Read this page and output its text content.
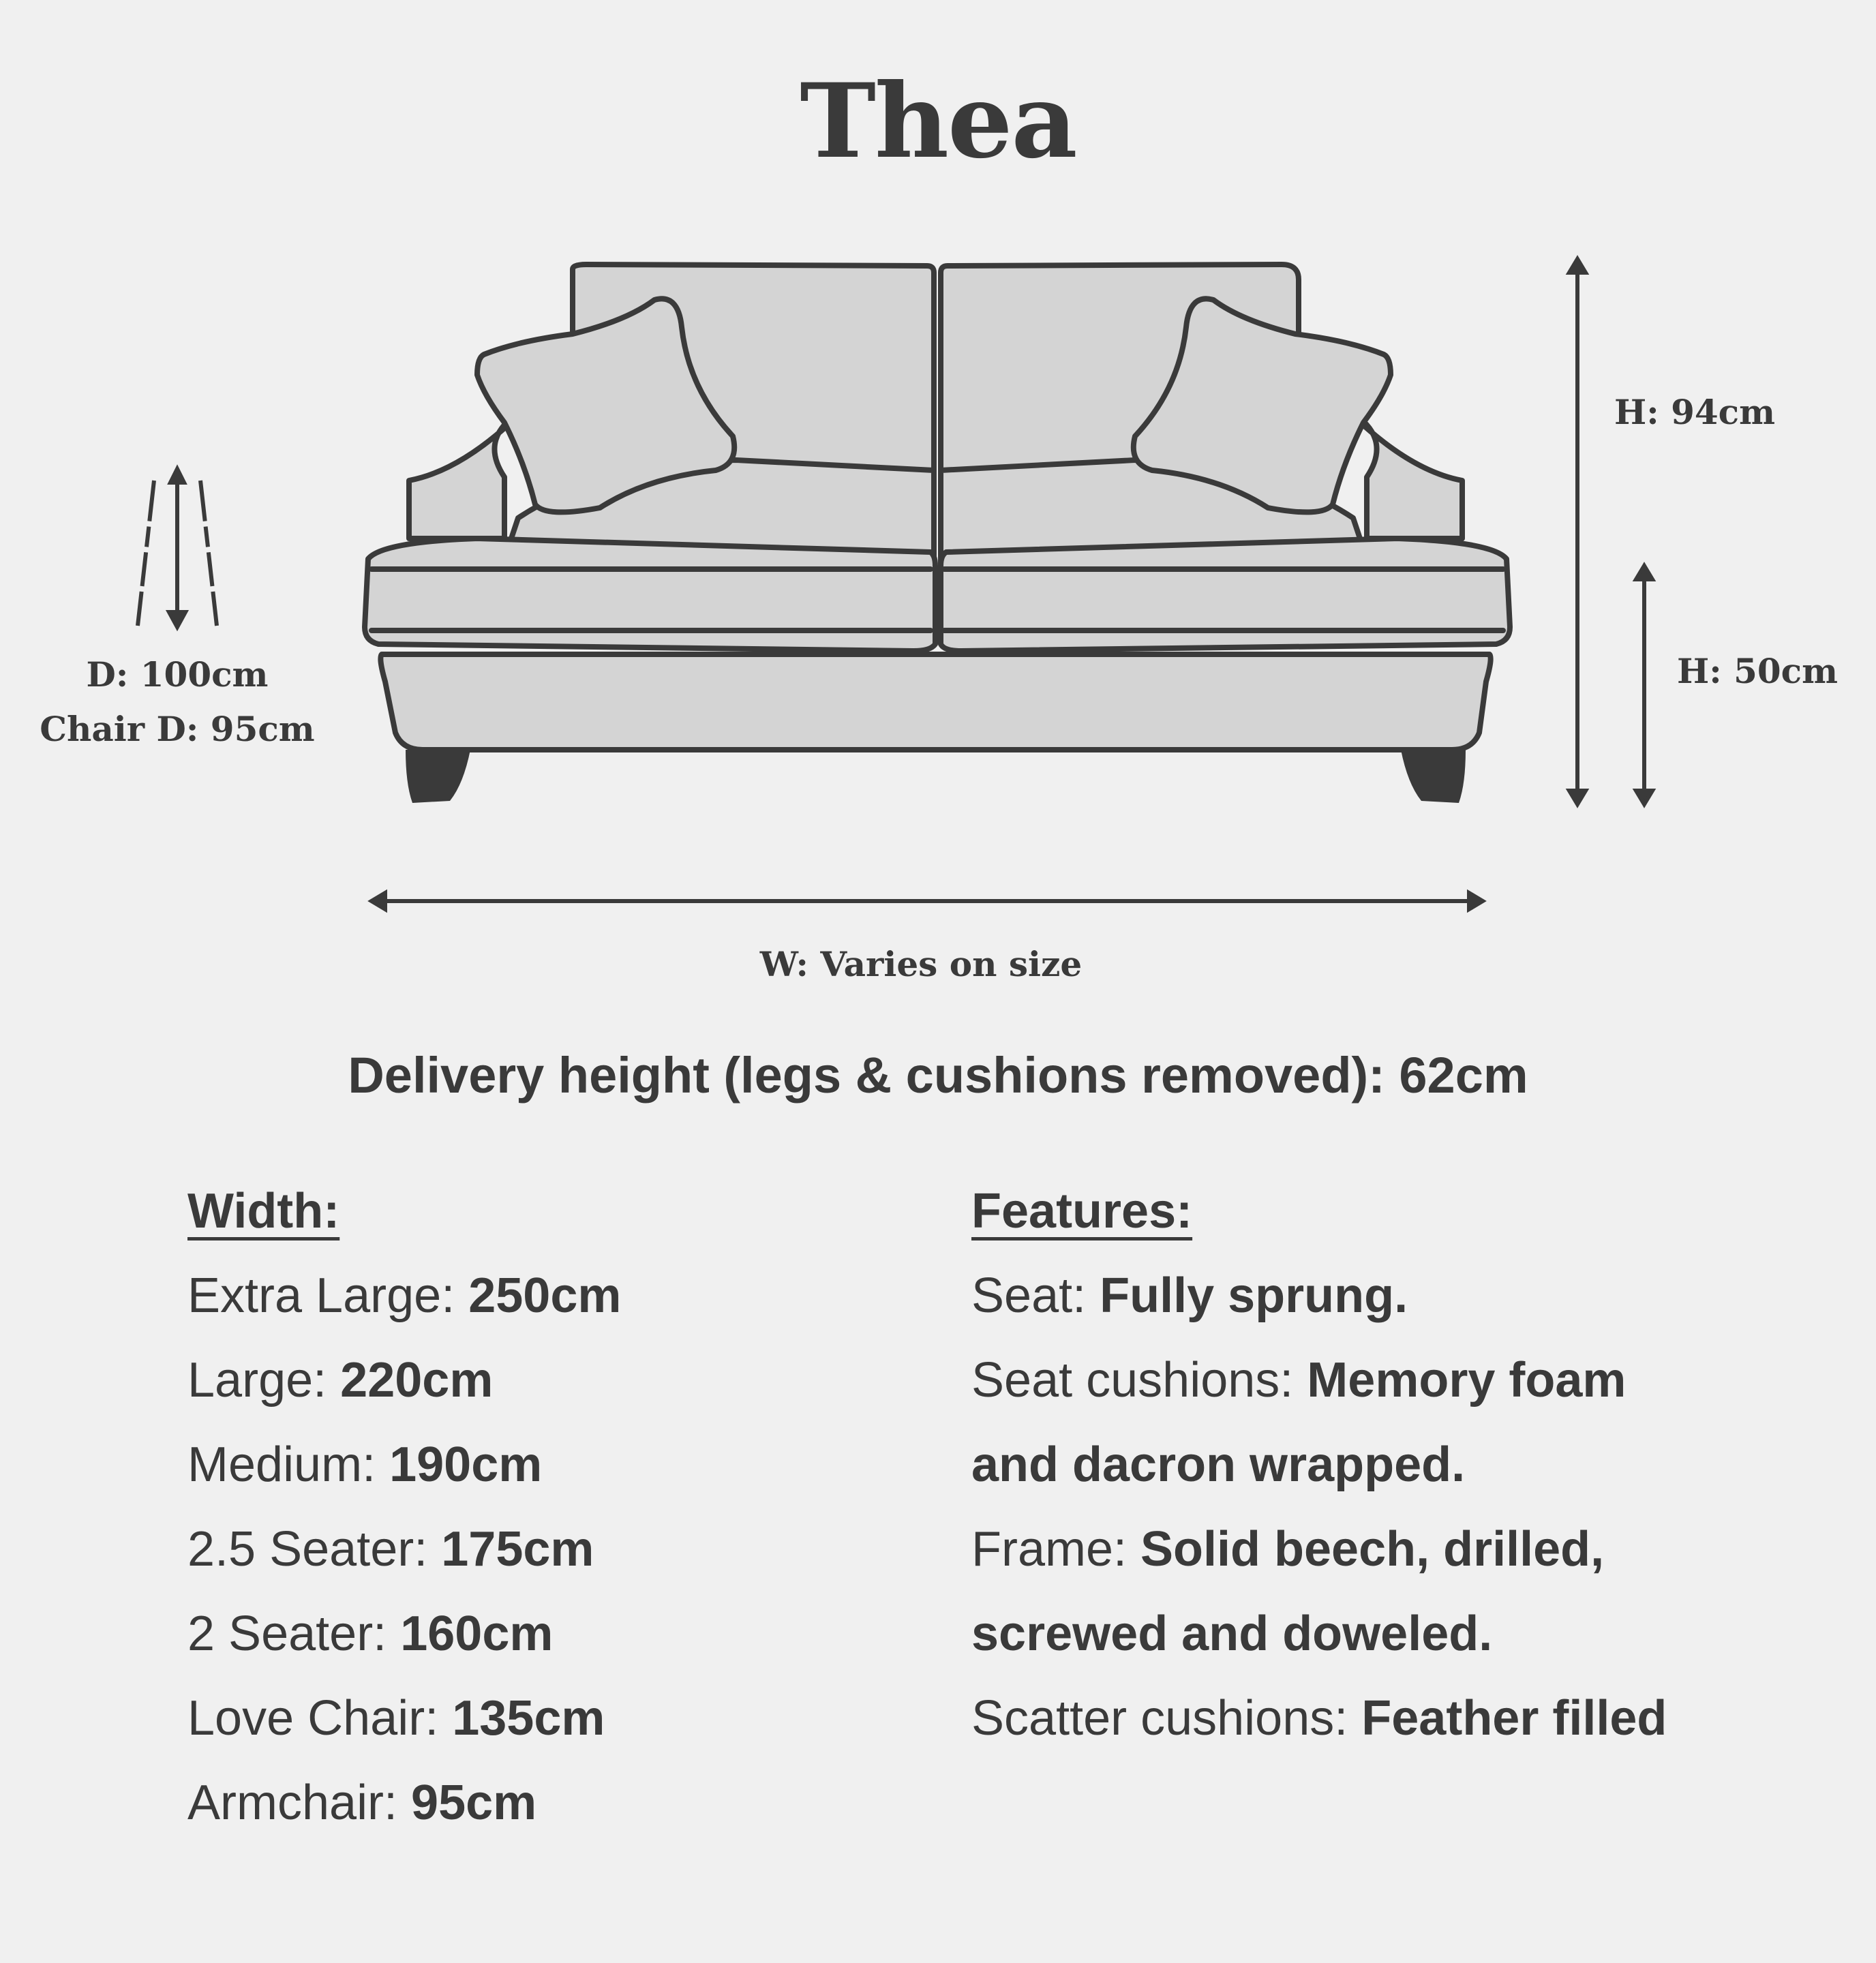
Thea
D: 100cm
Chair D: 95cm
H: 94cm
H: 50cm
W: Varies on size
Delivery height (legs & cushions removed): 62cm
Width:
Extra Large: 250cm
Large: 220cm
Medium: 190cm
2.5 Seater: 175cm
2 Seater: 160cm
Love Chair: 135cm
Armchair: 95cm
Features:
Seat: Fully sprung.
Seat cushions: Memory foam
and dacron wrapped.
Frame: Solid beech, drilled,
screwed and doweled.
Scatter cushions: Feather filled
